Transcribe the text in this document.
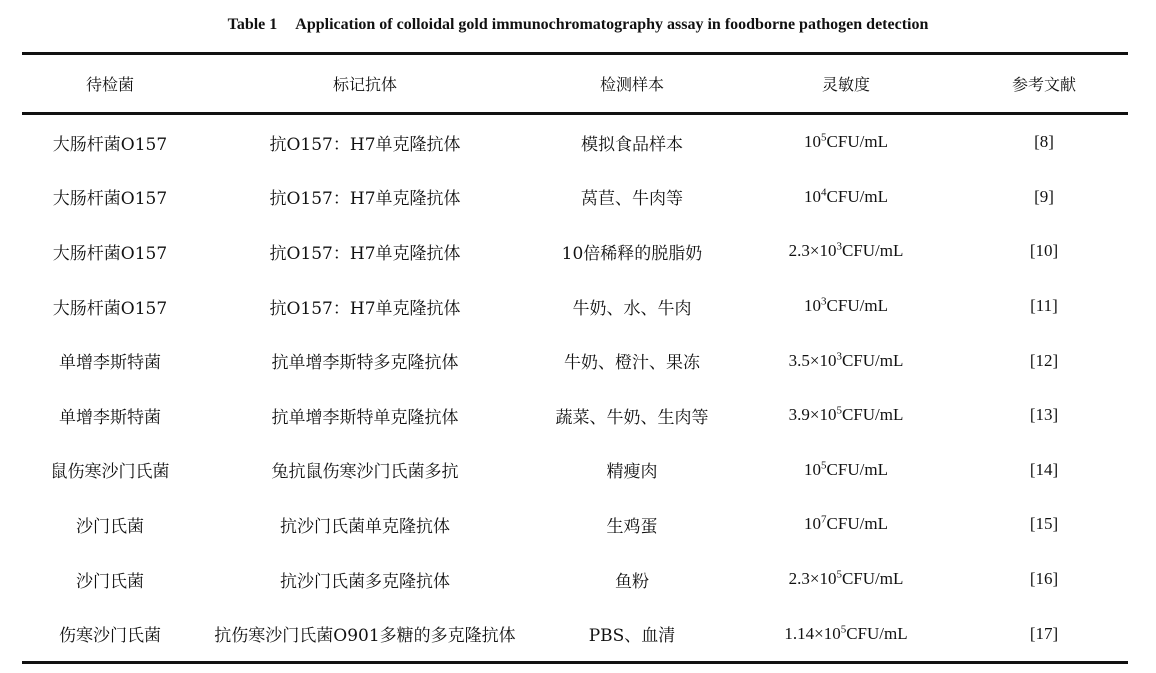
Table 1 Application of colloidal gold immunochromatography assay in foodborne pathogen detection
待检菌	标记抗体	检测样本	灵敏度	参考文献
大肠杆菌O157	抗O157：H7单克隆抗体	模拟食品样本	$10^5CFU/mL$	[8]
大肠杆菌O157	抗O157：H7单克隆抗体	莴苣、牛肉等	$10^4CFU/mL$	[9]
大肠杆菌O157	抗O157：H7单克隆抗体	10倍稀释的脱脂奶	$2.3\times 10^3CFU/mL$	[10]
大肠杆菌O157	抗O157：H7单克隆抗体	牛奶、水、牛肉	$10^3CFU/mL$	[11]
单增李斯特菌	抗单增李斯特多克隆抗体	牛奶、橙汁、果冻	$3.5\times 10^3CFU/mL$	[12]
单增李斯特菌	抗单增李斯特单克隆抗体	蔬菜、牛奶、生肉等	$3.9\times 10^5CFU/mL$	[13]
鼠伤寒沙门氏菌	兔抗鼠伤寒沙门氏菌多抗	精瘦肉	$10^5CFU/mL$	[14]
沙门氏菌	抗沙门氏菌单克隆抗体	生鸡蛋	$10^7CFU/mL$	[15]
沙门氏菌	抗沙门氏菌多克隆抗体	鱼粉	$2.3\times 10^5CFU/mL$	[16]
伤寒沙门氏菌	抗伤寒沙门氏菌O901多糖的多克隆抗体	PBS、血清	$1.14\times 10^5CFU/mL$	[17]
